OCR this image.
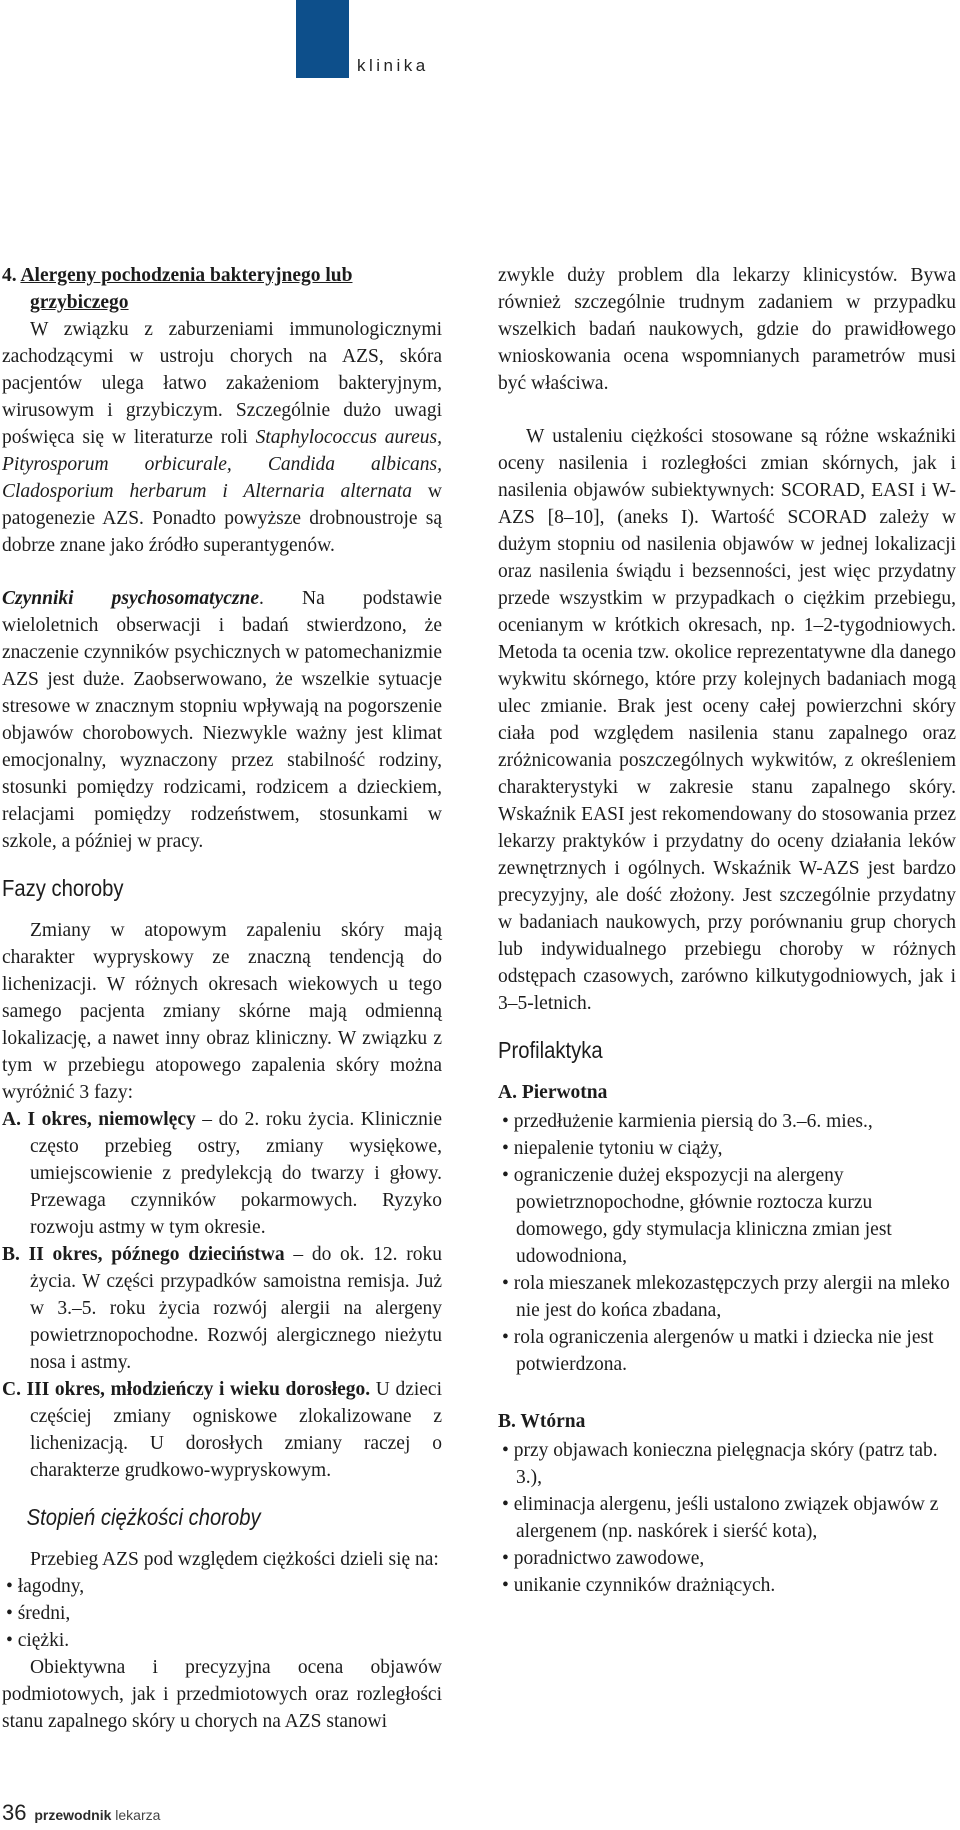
klinika

4. Alergeny pochodzenia bakteryjnego lub grzybiczego

W związku z zaburzeniami immunologicznymi zachodzącymi w ustroju chorych na AZS, skóra pacjentów ulega łatwo zakażeniom bakteryjnym, wirusowym i grzybiczym. Szczególnie dużo uwagi poświęca się w literaturze roli Staphylococcus aureus, Pityrosporum orbicurale, Candida albicans, Cladosporium herbarum i Alternaria alternata w patogenezie AZS. Ponadto powyższe drobnoustroje są dobrze znane jako źródło superantygenów.

Czynniki psychosomatyczne. Na podstawie wieloletnich obserwacji i badań stwierdzono, że znaczenie czynników psychicznych w patomechanizmie AZS jest duże. Zaobserwowano, że wszelkie sytuacje stresowe w znacznym stopniu wpływają na pogorszenie objawów chorobowych. Niezwykle ważny jest klimat emocjonalny, wyznaczony przez stabilność rodziny, stosunki pomiędzy rodzicami, rodzicem a dzieckiem, relacjami pomiędzy rodzeństwem, stosunkami w szkole, a później w pracy.

Fazy choroby

Zmiany w atopowym zapaleniu skóry mają charakter wypryskowy ze znaczną tendencją do lichenizacji. W różnych okresach wiekowych u tego samego pacjenta zmiany skórne mają odmienną lokalizację, a nawet inny obraz kliniczny. W związku z tym w przebiegu atopowego zapalenia skóry można wyróżnić 3 fazy:

A. I okres, niemowlęcy – do 2. roku życia. Klinicznie często przebieg ostry, zmiany wysiękowe, umiejscowienie z predylekcją do twarzy i głowy. Przewaga czynników pokarmowych. Ryzyko rozwoju astmy w tym okresie.

B. II okres, późnego dzieciństwa – do ok. 12. roku życia. W części przypadków samoistna remisja. Już w 3.–5. roku życia rozwój alergii na alergeny powietrznopochodne. Rozwój alergicznego nieżytu nosa i astmy.

C. III okres, młodzieńczy i wieku dorosłego. U dzieci częściej zmiany ogniskowe zlokalizowane z lichenizacją. U dorosłych zmiany raczej o charakterze grudkowo-wypryskowym.

Stopień ciężkości choroby

Przebieg AZS pod względem ciężkości dzieli się na:

• łagodny,
• średni,
• ciężki.

Obiektywna i precyzyjna ocena objawów podmiotowych, jak i przedmiotowych oraz rozległości stanu zapalnego skóry u chorych na AZS stanowi

zwykle duży problem dla lekarzy klinicystów. Bywa również szczególnie trudnym zadaniem w przypadku wszelkich badań naukowych, gdzie do prawidłowego wnioskowania ocena wspomnianych parametrów musi być właściwa.

W ustaleniu ciężkości stosowane są różne wskaźniki oceny nasilenia i rozległości zmian skórnych, jak i nasilenia objawów subiektywnych: SCORAD, EASI i W-AZS [8–10], (aneks I). Wartość SCORAD zależy w dużym stopniu od nasilenia objawów w jednej lokalizacji oraz nasilenia świądu i bezsenności, jest więc przydatny przede wszystkim w przypadkach o ciężkim przebiegu, ocenianym w krótkich okresach, np. 1–2-tygodniowych. Metoda ta ocenia tzw. okolice reprezentatywne dla danego wykwitu skórnego, które przy kolejnych badaniach mogą ulec zmianie. Brak jest oceny całej powierzchni skóry ciała pod względem nasilenia stanu zapalnego oraz zróżnicowania poszczególnych wykwitów, z określeniem charakterystyki w zakresie stanu zapalnego skóry. Wskaźnik EASI jest rekomendowany do stosowania przez lekarzy praktyków i przydatny do oceny działania leków zewnętrznych i ogólnych. Wskaźnik W-AZS jest bardzo precyzyjny, ale dość złożony. Jest szczególnie przydatny w badaniach naukowych, przy porównaniu grup chorych lub indywidualnego przebiegu choroby w różnych odstępach czasowych, zarówno kilkutygodniowych, jak i 3–5-letnich.

Profilaktyka

A. Pierwotna

• przedłużenie karmienia piersią do 3.–6. mies.,
• niepalenie tytoniu w ciąży,
• ograniczenie dużej ekspozycji na alergeny powietrznopochodne, głównie roztocza kurzu domowego, gdy stymulacja kliniczna zmian jest udowodniona,
• rola mieszanek mlekozastępczych przy alergii na mleko nie jest do końca zbadana,
• rola ograniczenia alergenów u matki i dziecka nie jest potwierdzona.

B. Wtórna

• przy objawach konieczna pielęgnacja skóry (patrz tab. 3.),
• eliminacja alergenu, jeśli ustalono związek objawów z alergenem (np. naskórek i sierść kota),
• poradnictwo zawodowe,
• unikanie czynników drażniących.
36 przewodnik lekarza
